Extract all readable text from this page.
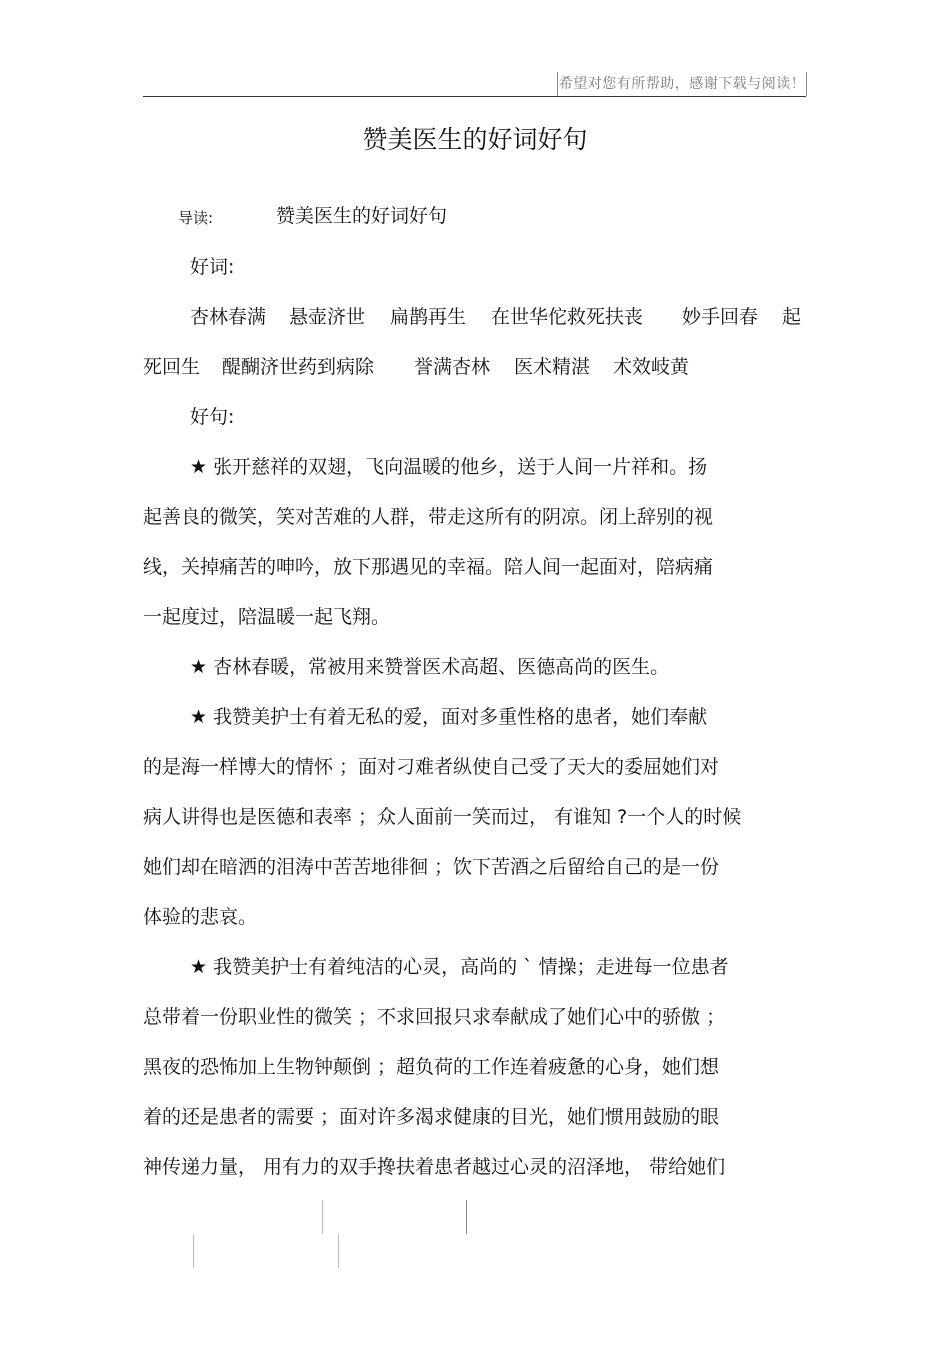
希望对您有所帮助，感谢下载与阅读！
赞美医生的好词好句
导读:	赞美医生的好词好句
好词:
杏林春满 悬壶济世 扁鹊再生 在世华佗救死扶丧 妙手回春 起
死回生 醍醐济世药到病除 誉满杏林 医术精湛 术效岐黄
好句:
★ 张开慈祥的双翅，飞向温暖的他乡，送于人间一片祥和。扬
起善良的微笑，笑对苦难的人群，带走这所有的阴凉。闭上辞别的视
线，关掉痛苦的呻吟，放下那遇见的幸福。陪人间一起面对，陪病痛
一起度过，陪温暖一起飞翔。
★ 杏林春暖，常被用来赞誉医术高超、医德高尚的医生。
★ 我赞美护士有着无私的爱，面对多重性格的患者，她们奉献
的是海一样博大的情怀 ；面对刁难者纵使自己受了天大的委屈她们对
病人讲得也是医德和表率 ；众人面前一笑而过， 有谁知 ?一个人的时候
她们却在暗洒的泪涛中苦苦地徘徊 ；饮下苦酒之后留给自己的是一份
体验的悲哀。
★ 我赞美护士有着纯洁的心灵，高尚的 ` 情操；走进每一位患者
总带着一份职业性的微笑 ；不求回报只求奉献成了她们心中的骄傲 ；
黑夜的恐怖加上生物钟颠倒 ；超负荷的工作连着疲惫的心身，她们想
着的还是患者的需要 ；面对许多渴求健康的目光，她们惯用鼓励的眼
神传递力量， 用有力的双手搀扶着患者越过心灵的沼泽地， 带给她们
